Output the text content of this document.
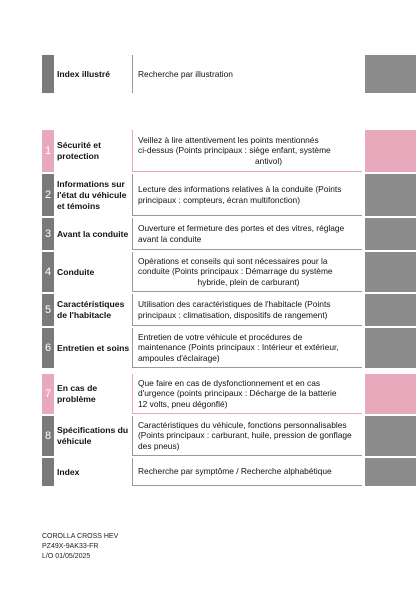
Index illustré	Recherche par illustration
1 Sécurité et protection
Veillez à lire attentivement les points mentionnés
ci-dessus (Points principaux : siège enfant, système
antivol)
2
Informations sur l'état du véhicule et témoins
Lecture des informations relatives à la conduite (Points
principaux : compteurs, écran multifonction)
3 Avant la conduite
Ouverture et fermeture des portes et des vitres, réglage
avant la conduite
4 Conduite
Opérations et conseils qui sont nécessaires pour la
conduite (Points principaux : Démarrage du système
hybride, plein de carburant)
5 Caractéristiques de l'habitacle
Utilisation des caractéristiques de l'habitacle (Points
principaux : climatisation, dispositifs de rangement)
6 Entretien et soins
Entretien de votre véhicule et procédures de
maintenance (Points principaux : Intérieur et extérieur,
ampoules d'éclairage)
7 En cas de problème
Que faire en cas de dysfonctionnement et en cas
d'urgence (points principaux : Décharge de la batterie
12 volts, pneu dégonflé)
8 Spécifications du véhicule
Caractéristiques du véhicule, fonctions personnalisables
(Points principaux : carburant, huile, pression de gonflage
des pneus)
Index	Recherche par symptôme / Recherche alphabétique
COROLLA CROSS HEV
PZ49X-9AK33-FR
L/O 01/05/2025
